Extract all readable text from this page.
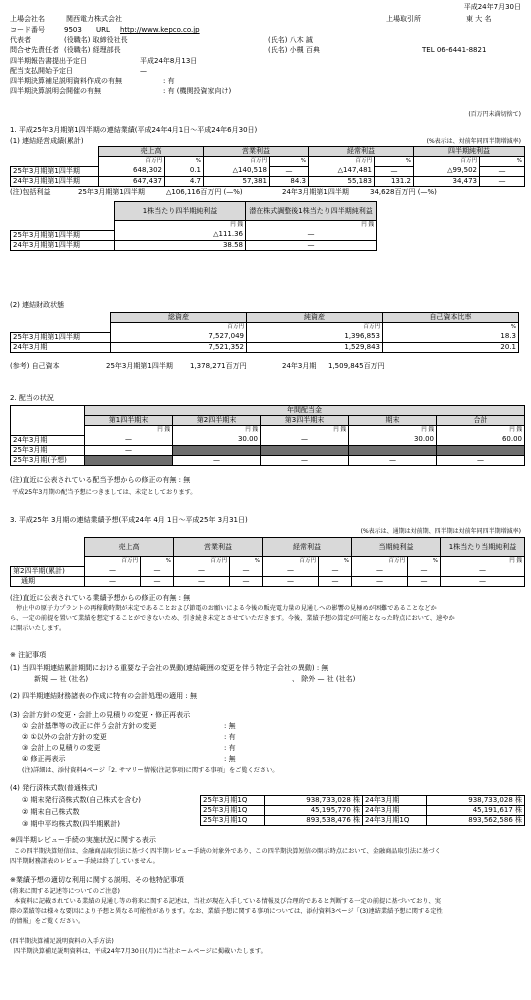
平成24年7月30日
上場会社名	関西電力株式会社	上場取引所	東 大 名
コード番号	9503 URL http://www.kepco.co.jp
代表者	(役職名) 取締役社長	(氏名) 八木 誠
問合せ先責任者 (役職名) 経理部長	(氏名) 小槻 百典	TEL 06-6441-8821
四半期報告書提出予定日	平成24年8月13日
配当支払開始予定日	—
四半期決算補足説明資料作成の有無	: 有
四半期決算説明会開催の有無	: 有 (機関投資家向け)
(百万円未満切捨て)
1. 平成25年3月期第1四半期の連結業績(平成24年4月1日～平成24年6月30日)
(1) 連結経営成績(累計)	(%表示は、対前年同四半期増減率)
	売上高		営業利益		経常利益		四半期純利益	
	百万円	%	百万円	%	百万円	%	百万円	%
25年3月期第1四半期	648,302	0.1	△140,518	—	△147,481	—	△99,502	—
24年3月期第1四半期	647,437	4.7	57,381	84.3	55,183	131.2	34,473	—
(注)包括利益	25年3月期第1四半期	△106,116百万円 (—%)	24年3月期第1四半期	34,628百万円 (—%)
	1株当たり四半期純利益	潜在株式調整後1株当たり四半期純利益
	円 銭	円 銭
25年3月期第1四半期	△111.36	—
24年3月期第1四半期	38.58	—
(2) 連結財政状態
	総資産	純資産	自己資本比率
	百万円	百万円	%
25年3月期第1四半期	7,527,049	1,396,853	18.3
24年3月期	7,521,352	1,529,843	20.1
(参考) 自己資本	25年3月期第1四半期 1,378,271百万円	24年3月期 1,509,845百万円
2. 配当の状況
	年間配当金				
	第1四半期末	第2四半期末	第3四半期末	期末	合計
	円 銭	円 銭	円 銭	円 銭	円 銭
24年3月期	—	30.00	—	30.00	60.00
25年3月期	—				
25年3月期(予想)		—	—	—	—
(注)直近に公表されている配当予想からの修正の有無 : 無
平成25年3月期の配当予想につきましては、未定としております。
3. 平成25年 3月期の連結業績予想(平成24年 4月 1日～平成25年 3月31日)
(%表示は、通期は対前期、四半期は対前年同四半期増減率)
	売上高		営業利益		経常利益		当期純利益		1株当たり当期純利益
	百万円	%	百万円	%	百万円	%	百万円	%	円 銭
第2四半期(累計)	—	—	—	—	—	—	—	—	—
通期	—	—	—	—	—	—	—	—	—
(注)直近に公表されている業績予想からの修正の有無 : 無
停止中の原子力プラントの再稼動時期が未定であることおよび節電のお願いによる今後の販売電力量の見通しへの影響の見極めが困難であることなどか
ら、一定の前提を置いて業績を想定することができないため、引き続き未定とさせていただきます。今後、業績予想の算定が可能となった時点において、速やか
に開示いたします。
※ 注記事項
(1) 当四半期連結累計期間における重要な子会社の異動(連結範囲の変更を伴う特定子会社の異動) : 無
新規 — 社 (社名)	、 除外 — 社 (社名)
(2) 四半期連結財務諸表の作成に特有の会計処理の適用 : 無
(3) 会計方針の変更・会計上の見積りの変更・修正再表示
① 会計基準等の改正に伴う会計方針の変更	: 無
② ①以外の会計方針の変更	: 有
③ 会計上の見積りの変更	: 有
④ 修正再表示	: 無
(注)詳細は、添付資料4ページ「2. サマリー情報(注記事項)に関する事項」をご覧ください。
(4) 発行済株式数(普通株式)
① 期末発行済株式数(自己株式を含む)
② 期末自己株式数
③ 期中平均株式数(四半期累計)
25年3月期1Q	938,733,028 株	24年3月期	938,733,028 株
25年3月期1Q	45,195,770 株	24年3月期	45,191,617 株
25年3月期1Q	893,538,476 株	24年3月期1Q	893,562,586 株
※四半期レビュー手続の実施状況に関する表示
この四半期決算短信は、金融商品取引法に基づく四半期レビュー手続の対象外であり、この四半期決算短信の開示時点において、金融商品取引法に基づく
四半期財務諸表のレビュー手続は終了していません。
※業績予想の適切な利用に関する説明、その他特記事項
(将来に関する記述等についてのご注意)
本資料に記載されている業績の見通し等の将来に関する記述は、当社が現在入手している情報及び合理的であると判断する一定の前提に基づいており、実
際の業績等は様々な要因により予想と異なる可能性があります。なお、業績予想に関する事項については、添付資料3ページ「(3)連結業績予想に関する定性
的情報」をご覧ください。
(四半期決算補足説明資料の入手方法)
四半期決算補足説明資料は、平成24年7月30日(月)に当社ホームページに掲載いたします。
